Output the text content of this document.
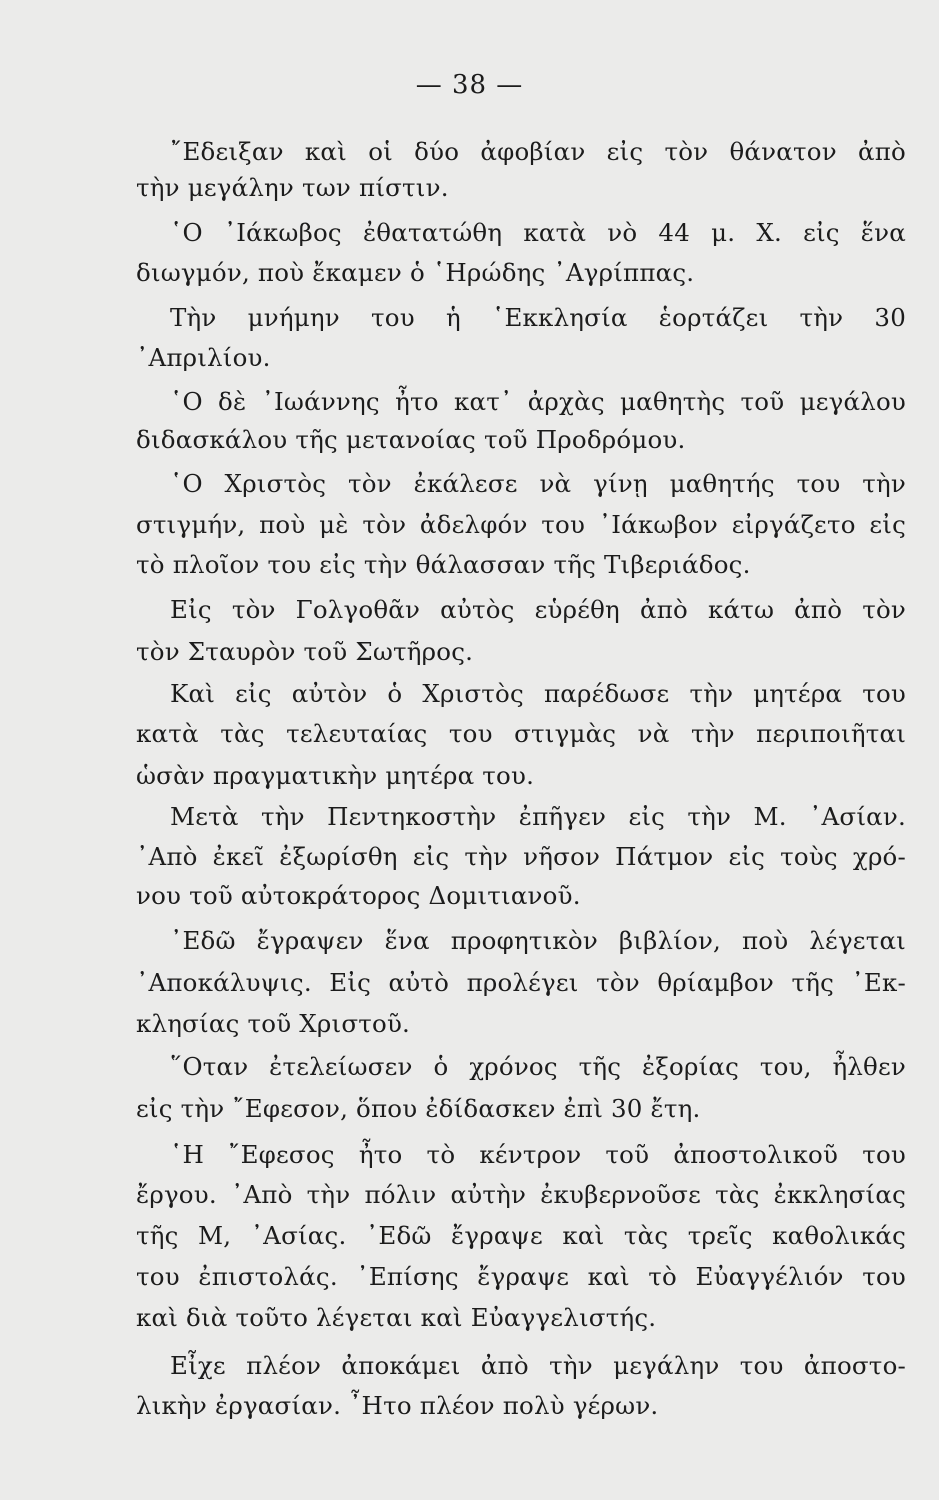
— 38 —
῎Εδειξαν καὶ οἱ δύο ἀφοβίαν εἰς τὸν θάνατον ἀπὸ
τὴν μεγάλην των πίστιν.
῾Ο ᾿Ιάκωβος ἐθατατώθη κατὰ νὸ 44 μ. Χ. εἰς ἕνα
διωγμόν, ποὺ ἔκαμεν ὁ ῾Ηρώδης ᾿Αγρίππας.
Τὴν μνήμην του ἡ ῾Εκκλησία ἑορτάζει τὴν 30
᾿Απριλίου.
῾Ο δὲ ᾿Ιωάννης ἦτο κατ᾿ ἀρχὰς μαθητὴς τοῦ μεγάλου
διδασκάλου τῆς μετανοίας τοῦ Προδρόμου.
῾Ο Χριστὸς τὸν ἐκάλεσε νὰ γίνῃ μαθητής του τὴν
στιγμήν, ποὺ μὲ τὸν ἀδελφόν του ᾿Ιάκωβον εἰργάζετο εἰς
τὸ πλοῖον του εἰς τὴν θάλασσαν τῆς Τιβεριάδος.
Εἰς τὸν Γολγοθᾶν αὐτὸς εὑρέθη ἀπὸ κάτω ἀπὸ τὸν
τὸν Σταυρὸν τοῦ Σωτῆρος.
Καὶ εἰς αὐτὸν ὁ Χριστὸς παρέδωσε τὴν μητέρα του
κατὰ τὰς τελευταίας του στιγμὰς νὰ τὴν περιποιῆται
ὡσὰν πραγματικὴν μητέρα του.
Μετὰ τὴν Πεντηκοστὴν ἐπῆγεν εἰς τὴν Μ. ᾿Ασίαν.
᾿Απὸ ἐκεῖ ἐξωρίσθη εἰς τὴν νῆσον Πάτμον εἰς τοὺς χρό-
νου τοῦ αὐτοκράτορος Δομιτιανοῦ.
᾿Εδῶ ἔγραψεν ἕνα προφητικὸν βιβλίον, ποὺ λέγεται
᾿Αποκάλυψις. Εἰς αὐτὸ προλέγει τὸν θρίαμβον τῆς ᾿Εκ-
κλησίας τοῦ Χριστοῦ.
῞Οταν ἐτελείωσεν ὁ χρόνος τῆς ἐξορίας του, ἦλθεν
εἰς τὴν ῎Εφεσον, ὅπου ἐδίδασκεν ἐπὶ 30 ἔτη.
῾Η ῎Εφεσος ἦτο τὸ κέντρον τοῦ ἀποστολικοῦ του
ἔργου. ᾿Απὸ τὴν πόλιν αὐτὴν ἐκυβερνοῦσε τὰς ἐκκλησίας
τῆς Μ, ᾿Ασίας. ᾿Εδῶ ἔγραψε καὶ τὰς τρεῖς καθολικάς
του ἐπιστολάς. ᾿Επίσης ἔγραψε καὶ τὸ Εὐαγγέλιόν του
καὶ διὰ τοῦτο λέγεται καὶ Εὐαγγελιστής.
Εἶχε πλέον ἀποκάμει ἀπὸ τὴν μεγάλην του ἀποστο-
λικὴν ἐργασίαν. ῏Ητο πλέον πολὺ γέρων.
